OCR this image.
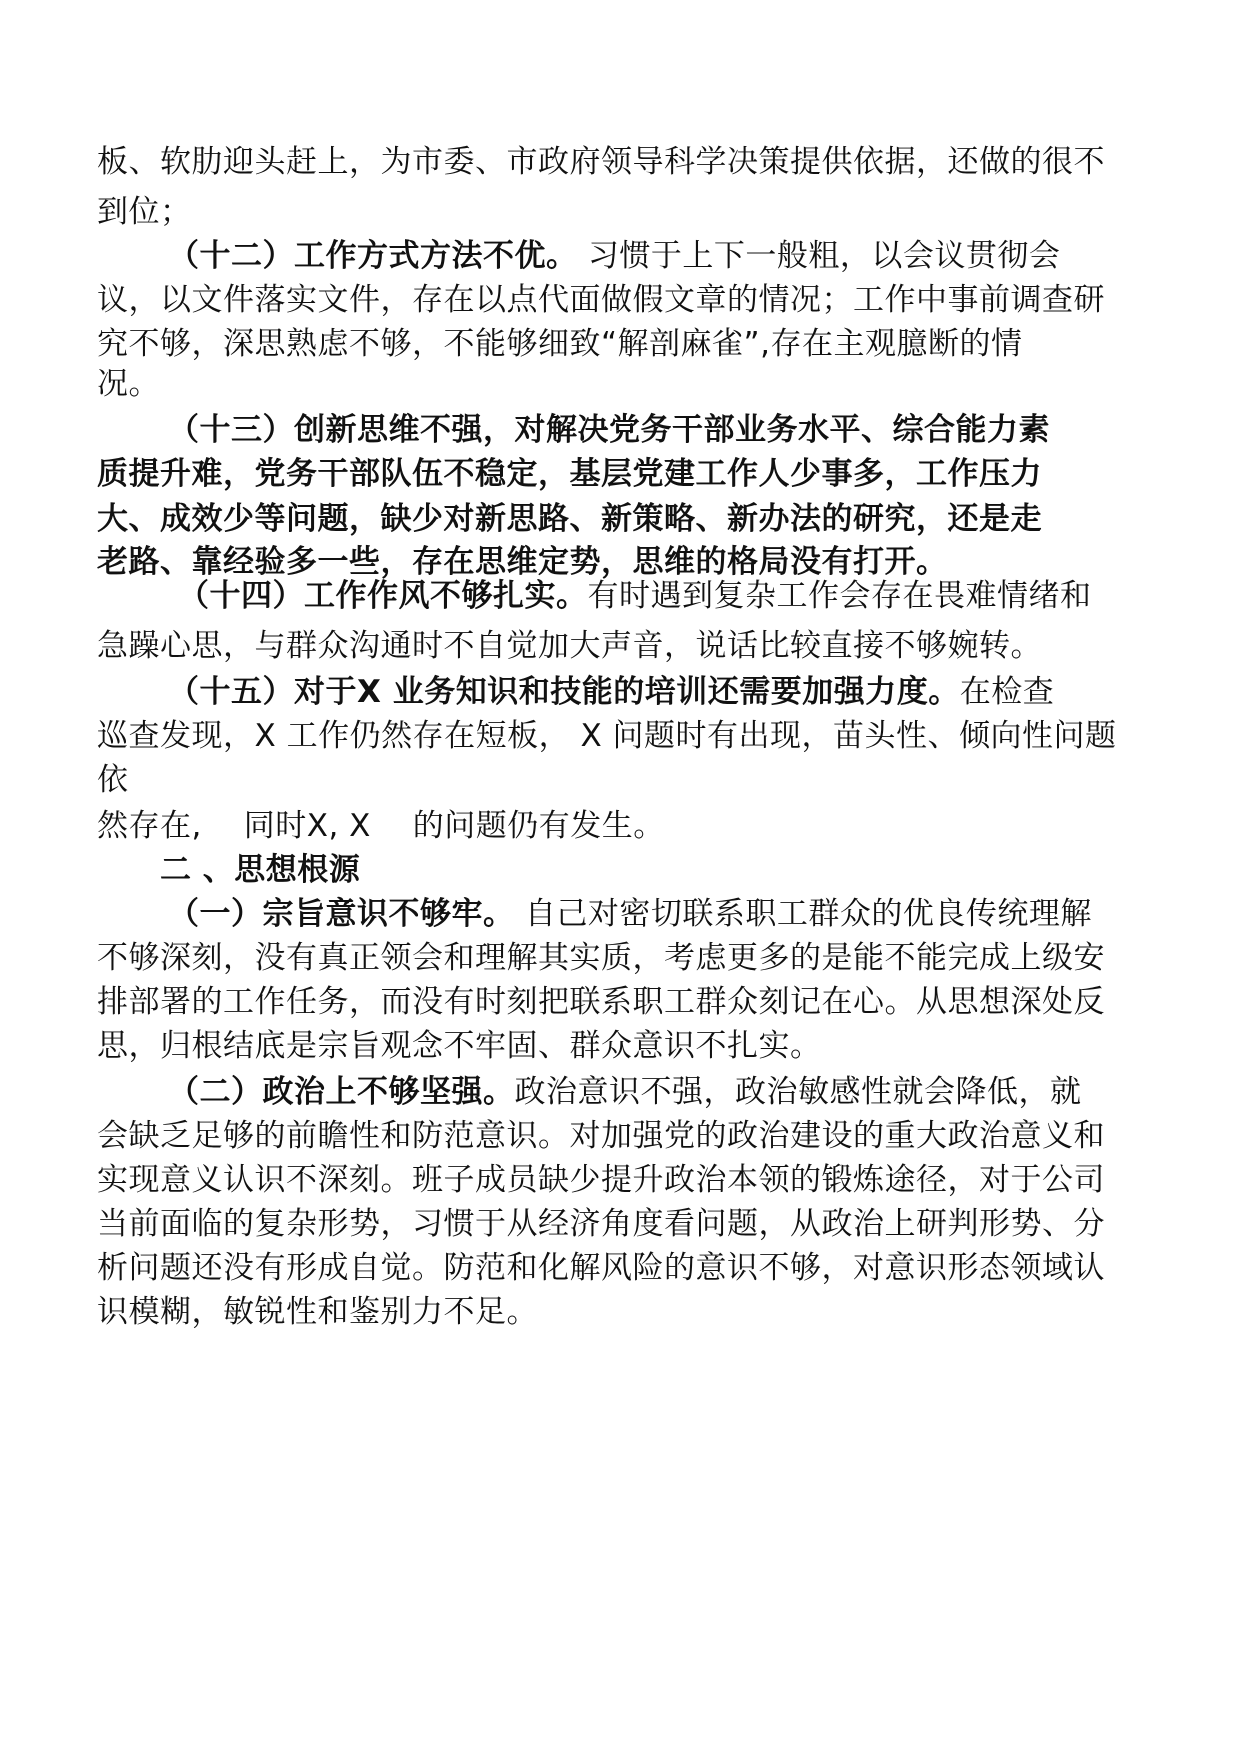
板、软肋迎头赶上，为市委、市政府领导科学决策提供依据，还做的很不

到位；

（十二）工作方式方法不优。 习惯于上下一般粗，以会议贯彻会

议，以文件落实文件，存在以点代面做假文章的情况；工作中事前调查研

究不够，深思熟虑不够，不能够细致“解剖麻雀”,存在主观臆断的情

况。

（十三）创新思维不强，对解决党务干部业务水平、综合能力素

质提升难，党务干部队伍不稳定，基层党建工作人少事多，工作压力

大、成效少等问题，缺少对新思路、新策略、新办法的研究，还是走

老路、靠经验多一些，存在思维定势，思维的格局没有打开。

（十四）工作作风不够扎实。有时遇到复杂工作会存在畏难情绪和

急躁心思，与群众沟通时不自觉加大声音，说话比较直接不够婉转。

（十五）对于X 业务知识和技能的培训还需要加强力度。在检查

巡查发现，X 工作仍然存在短板， X 问题时有出现，苗头性、倾向性问题

依

然存在,　 同时X, X　 的问题仍有发生。

二 、思想根源

（一）宗旨意识不够牢。 自己对密切联系职工群众的优良传统理解

不够深刻，没有真正领会和理解其实质，考虑更多的是能不能完成上级安

排部署的工作任务，而没有时刻把联系职工群众刻记在心。从思想深处反

思，归根结底是宗旨观念不牢固、群众意识不扎实。

（二）政治上不够坚强。政治意识不强，政治敏感性就会降低，就

会缺乏足够的前瞻性和防范意识。对加强党的政治建设的重大政治意义和

实现意义认识不深刻。班子成员缺少提升政治本领的锻炼途径，对于公司

当前面临的复杂形势，习惯于从经济角度看问题，从政治上研判形势、分

析问题还没有形成自觉。防范和化解风险的意识不够，对意识形态领域认

识模糊，敏锐性和鉴别力不足。
